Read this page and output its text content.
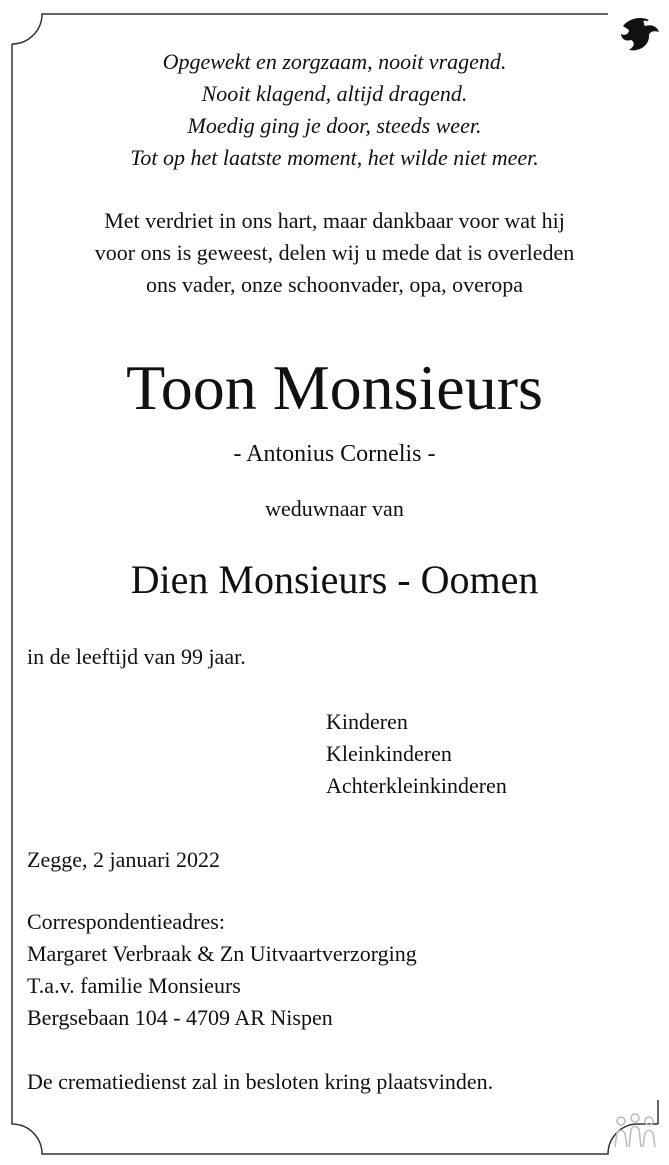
Opgewekt en zorgzaam, nooit vragend.
Nooit klagend, altijd dragend.
Moedig ging je door, steeds weer.
Tot op het laatste moment, het wilde niet meer.
Met verdriet in ons hart, maar dankbaar voor wat hij
voor ons is geweest, delen wij u mede dat is overleden
ons vader, onze schoonvader, opa, overopa
Toon Monsieurs
- Antonius Cornelis -
weduwnaar van
Dien Monsieurs - Oomen
in de leeftijd van 99 jaar.
Kinderen
Kleinkinderen
Achterkleinkinderen
Zegge, 2 januari 2022
Correspondentieadres:
Margaret Verbraak & Zn Uitvaartverzorging
T.a.v. familie Monsieurs
Bergsebaan 104 - 4709 AR Nispen
De crematiedienst zal in besloten kring plaatsvinden.
